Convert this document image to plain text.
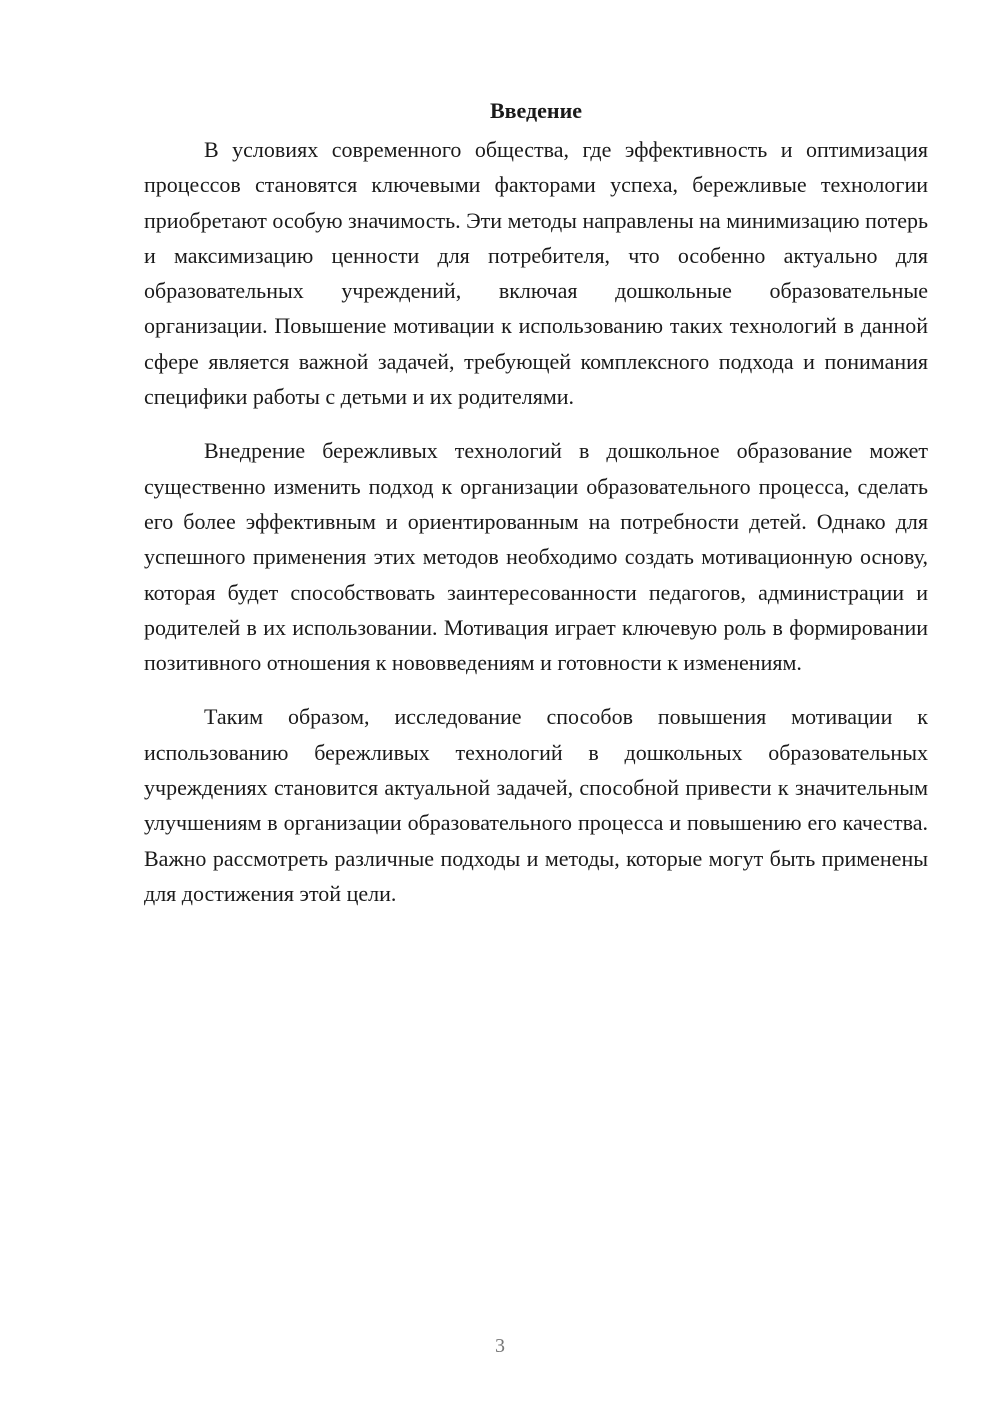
Введение

В условиях современного общества, где эффективность и оптимизация процессов становятся ключевыми факторами успеха, бережливые технологии приобретают особую значимость. Эти методы направлены на минимизацию потерь и максимизацию ценности для потребителя, что особенно актуально для образовательных учреждений, включая дошкольные образовательные организации. Повышение мотивации к использованию таких технологий в данной сфере является важной задачей, требующей комплексного подхода и понимания специфики работы с детьми и их родителями.

Внедрение бережливых технологий в дошкольное образование может существенно изменить подход к организации образовательного процесса, сделать его более эффективным и ориентированным на потребности детей. Однако для успешного применения этих методов необходимо создать мотивационную основу, которая будет способствовать заинтересованности педагогов, администрации и родителей в их использовании. Мотивация играет ключевую роль в формировании позитивного отношения к нововведениям и готовности к изменениям.

Таким образом, исследование способов повышения мотивации к использованию бережливых технологий в дошкольных образовательных учреждениях становится актуальной задачей, способной привести к значительным улучшениям в организации образовательного процесса и повышению его качества. Важно рассмотреть различные подходы и методы, которые могут быть применены для достижения этой цели.

3
